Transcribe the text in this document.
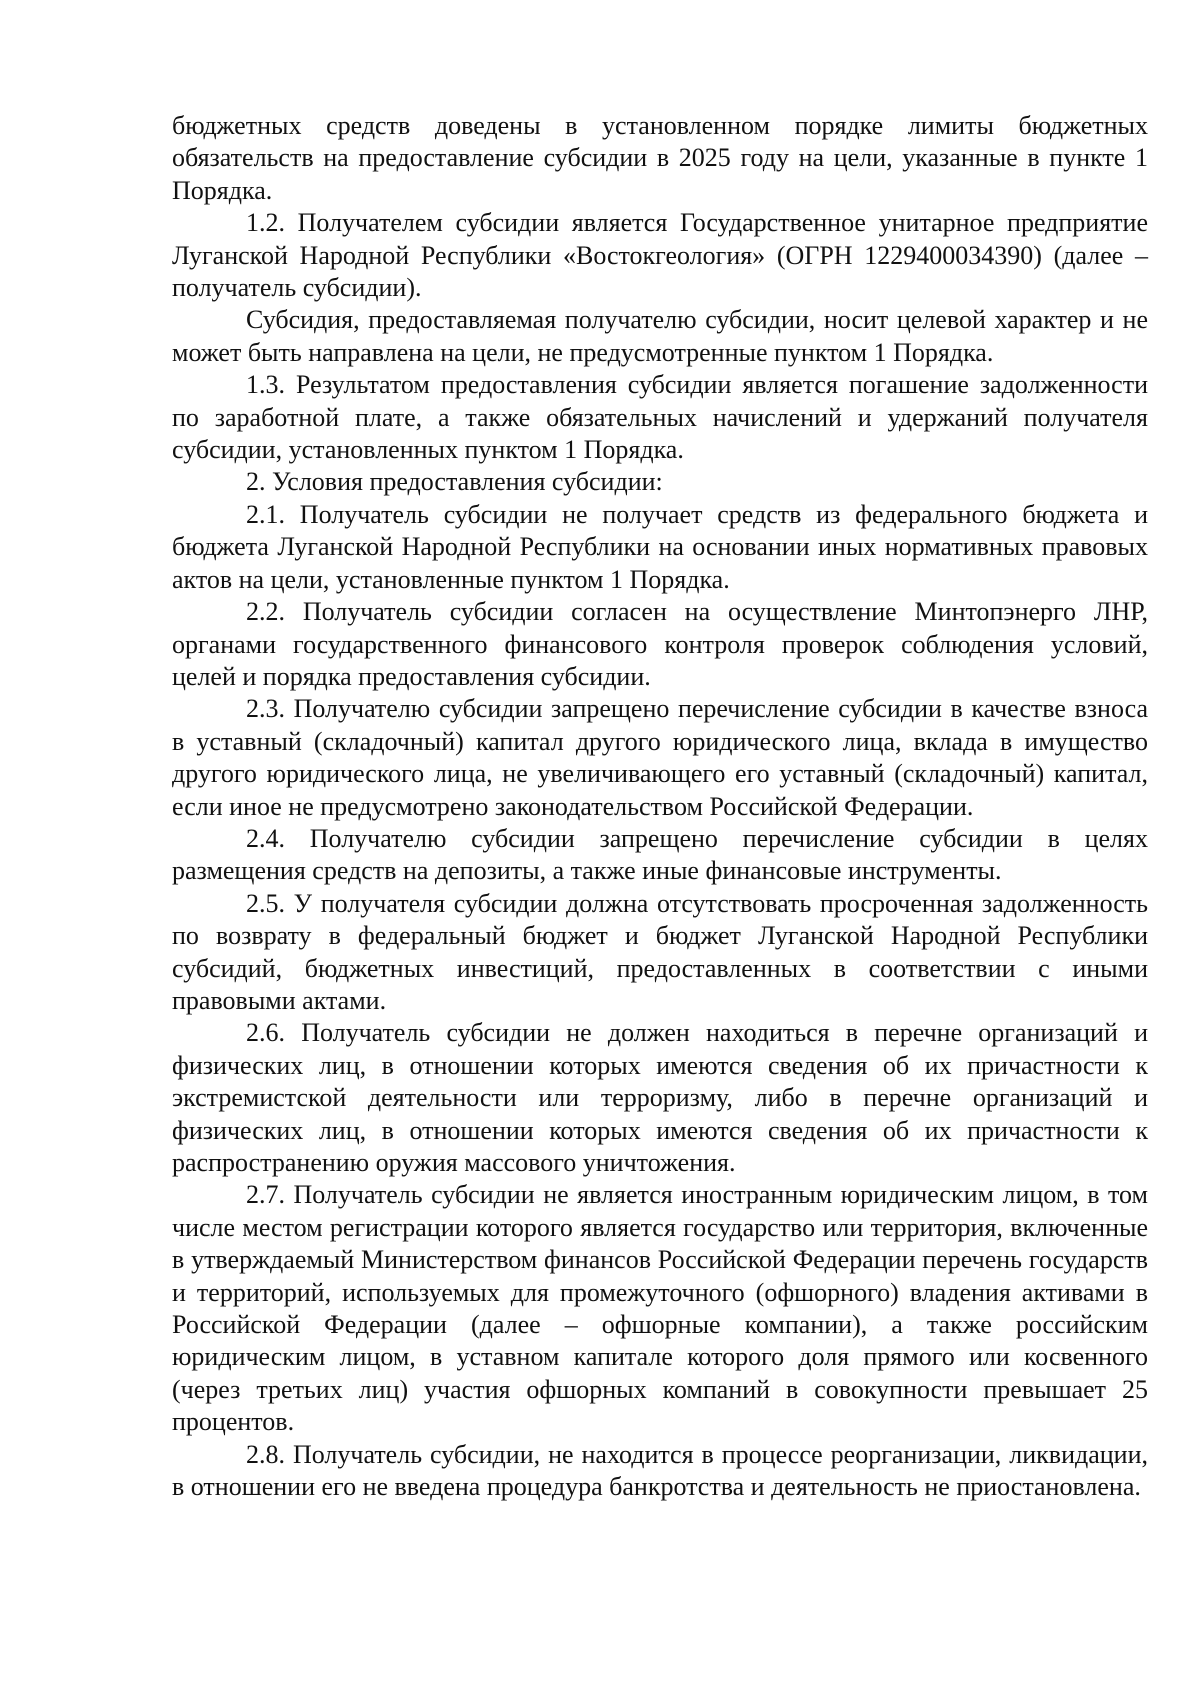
бюджетных средств доведены в установленном порядке лимиты бюджетных обязательств на предоставление субсидии в 2025 году на цели, указанные в пункте 1 Порядка.

1.2. Получателем субсидии является Государственное унитарное предприятие Луганской Народной Республики «Востокгеология» (ОГРН 1229400034390) (далее – получатель субсидии).

Субсидия, предоставляемая получателю субсидии, носит целевой характер и не может быть направлена на цели, не предусмотренные пунктом 1 Порядка.

1.3. Результатом предоставления субсидии является погашение задолженности по заработной плате, а также обязательных начислений и удержаний получателя субсидии, установленных пунктом 1 Порядка.

2. Условия предоставления субсидии:

2.1. Получатель субсидии не получает средств из федерального бюджета и бюджета Луганской Народной Республики на основании иных нормативных правовых актов на цели, установленные пунктом 1 Порядка.

2.2. Получатель субсидии согласен на осуществление Минтопэнерго ЛНР, органами государственного финансового контроля проверок соблюдения условий, целей и порядка предоставления субсидии.

2.3. Получателю субсидии запрещено перечисление субсидии в качестве взноса в уставный (складочный) капитал другого юридического лица, вклада в имущество другого юридического лица, не увеличивающего его уставный (складочный) капитал, если иное не предусмотрено законодательством Российской Федерации.

2.4. Получателю субсидии запрещено перечисление субсидии в целях размещения средств на депозиты, а также иные финансовые инструменты.

2.5. У получателя субсидии должна отсутствовать просроченная задолженность по возврату в федеральный бюджет и бюджет Луганской Народной Республики субсидий, бюджетных инвестиций, предоставленных в соответствии с иными правовыми актами.

2.6. Получатель субсидии не должен находиться в перечне организаций и физических лиц, в отношении которых имеются сведения об их причастности к экстремистской деятельности или терроризму, либо в перечне организаций и физических лиц, в отношении которых имеются сведения об их причастности к распространению оружия массового уничтожения.

2.7. Получатель субсидии не является иностранным юридическим лицом, в том числе местом регистрации которого является государство или территория, включенные в утверждаемый Министерством финансов Российской Федерации перечень государств и территорий, используемых для промежуточного (офшорного) владения активами в Российской Федерации (далее – офшорные компании), а также российским юридическим лицом, в уставном капитале которого доля прямого или косвенного (через третьих лиц) участия офшорных компаний в совокупности превышает 25 процентов.

2.8. Получатель субсидии, не находится в процессе реорганизации, ликвидации, в отношении его не введена процедура банкротства и деятельность не приостановлена.
